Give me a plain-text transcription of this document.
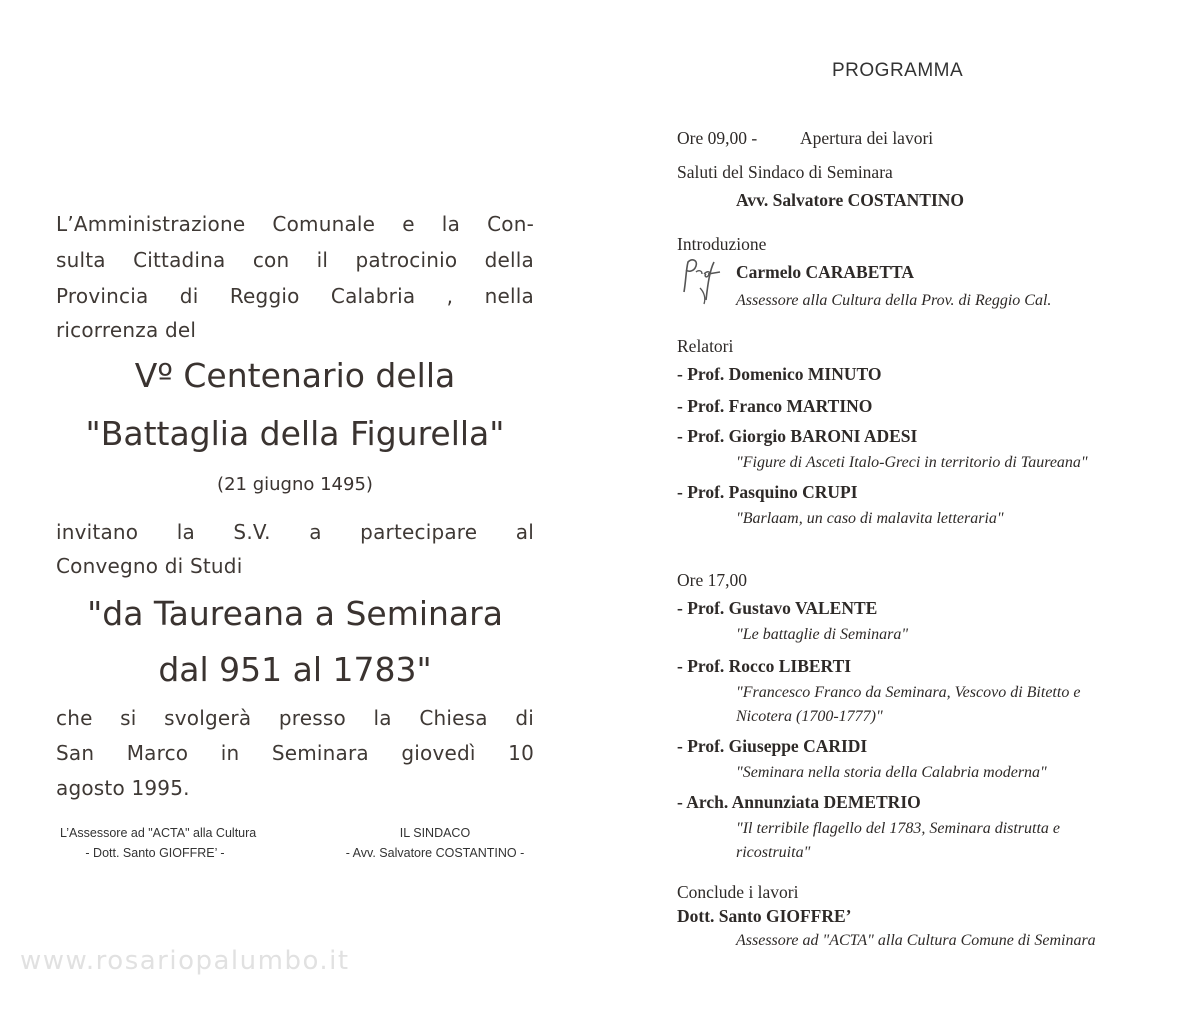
L’Amministrazione Comunale e la Con-
sulta Cittadina con il patrocinio della
Provincia di Reggio Calabria , nella
ricorrenza del
Vº Centenario della
"Battaglia della Figurella"
(21 giugno 1495)
invitano la S.V. a partecipare al
Convegno di Studi
"da Taureana a Seminara
dal 951 al 1783"
che si svolgerà presso la Chiesa di
San Marco in Seminara giovedì 10
agosto 1995.
L’Assessore ad "ACTA" alla Cultura
- Dott. Santo GIOFFRE’ -
IL SINDACO
- Avv. Salvatore COSTANTINO -
www.rosariopalumbo.it
PROGRAMMA
Ore 09,00 - Apertura dei lavori
Saluti del Sindaco di Seminara
Avv. Salvatore COSTANTINO
Introduzione
Carmelo CARABETTA
Assessore alla Cultura della Prov. di Reggio Cal.
Relatori
- Prof. Domenico MINUTO
- Prof. Franco MARTINO
- Prof. Giorgio BARONI ADESI
"Figure di Asceti Italo-Greci in territorio di Taureana"
- Prof. Pasquino CRUPI
"Barlaam, un caso di malavita letteraria"
Ore 17,00
- Prof. Gustavo VALENTE
"Le battaglie di Seminara"
- Prof. Rocco LIBERTI
"Francesco Franco da Seminara, Vescovo di Bitetto e
Nicotera (1700-1777)"
- Prof. Giuseppe CARIDI
"Seminara nella storia della Calabria moderna"
- Arch. Annunziata DEMETRIO
"Il terribile flagello del 1783, Seminara distrutta e
ricostruita"
Conclude i lavori
Dott. Santo GIOFFRE’
Assessore ad "ACTA" alla Cultura Comune di Seminara
